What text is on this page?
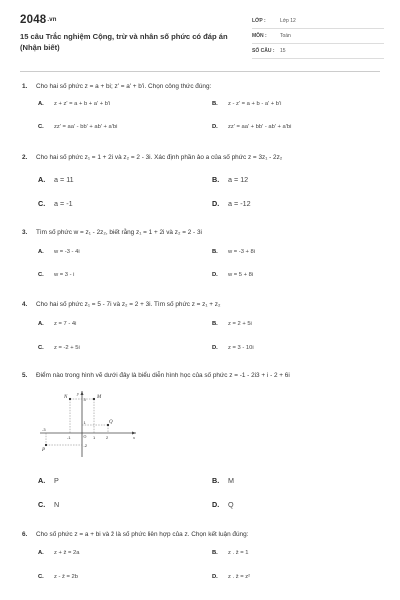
2048.vn
15 câu Trắc nghiệm Cộng, trừ và nhân số phức có đáp án (Nhận biết)
LỚP :	Lớp 12
MÔN :	Toán
SỐ CÂU :	15
1.	Cho hai số phức z = a + bi; z' = a' + b'i. Chọn công thức đúng:
A.	z + z' = a + b + a' + b'i	B.	z - z' = a + b - a' + b'i
C.	zz' = aa' - bb' + ab' + a'bi	D.	zz' = aa' + bb' - ab' + a'bi
2.	Cho hai số phức z₁ = 1 + 2i và z₂ = 2 - 3i. Xác định phần ảo a của số phức z = 3z₁ - 2z₂
A.	a = 11	B.	a = 12
C.	a = -1	D.	a = -12
3.	Tìm số phức w = z₁ - 2z₂, biết rằng z₁ = 1 + 2i và z₂ = 2 - 3i
A.	w = -3 - 4i	B.	w = -3 + 8i
C.	w = 3 - i	D.	w = 5 + 8i
4.	Cho hai số phức z₁ = 5 - 7i và z₂ = 2 + 3i. Tìm số phức z = z₁ + z₂
A.	z = 7 - 4i	B.	z = 2 + 5i
C.	z = -2 + 5i	D.	z = 3 - 10i
5.	Điểm nào trong hình vẽ dưới đây là biểu diễn hình học của số phức z = -1 - 2i3 + i - 2 + 6i
N	M
Q
P
y
x
O
3
1
-3
-1	1	2
-2
A.	P	B.	M
C.	N	D.	Q
6.	Cho số phức z = a + bi và z̄ là số phức liên hợp của z. Chọn kết luận đúng:
A.	z + z̄ = 2a	B.	z . z̄ = 1
C.	z - z̄ = 2b	D.	z . z̄ = z²
